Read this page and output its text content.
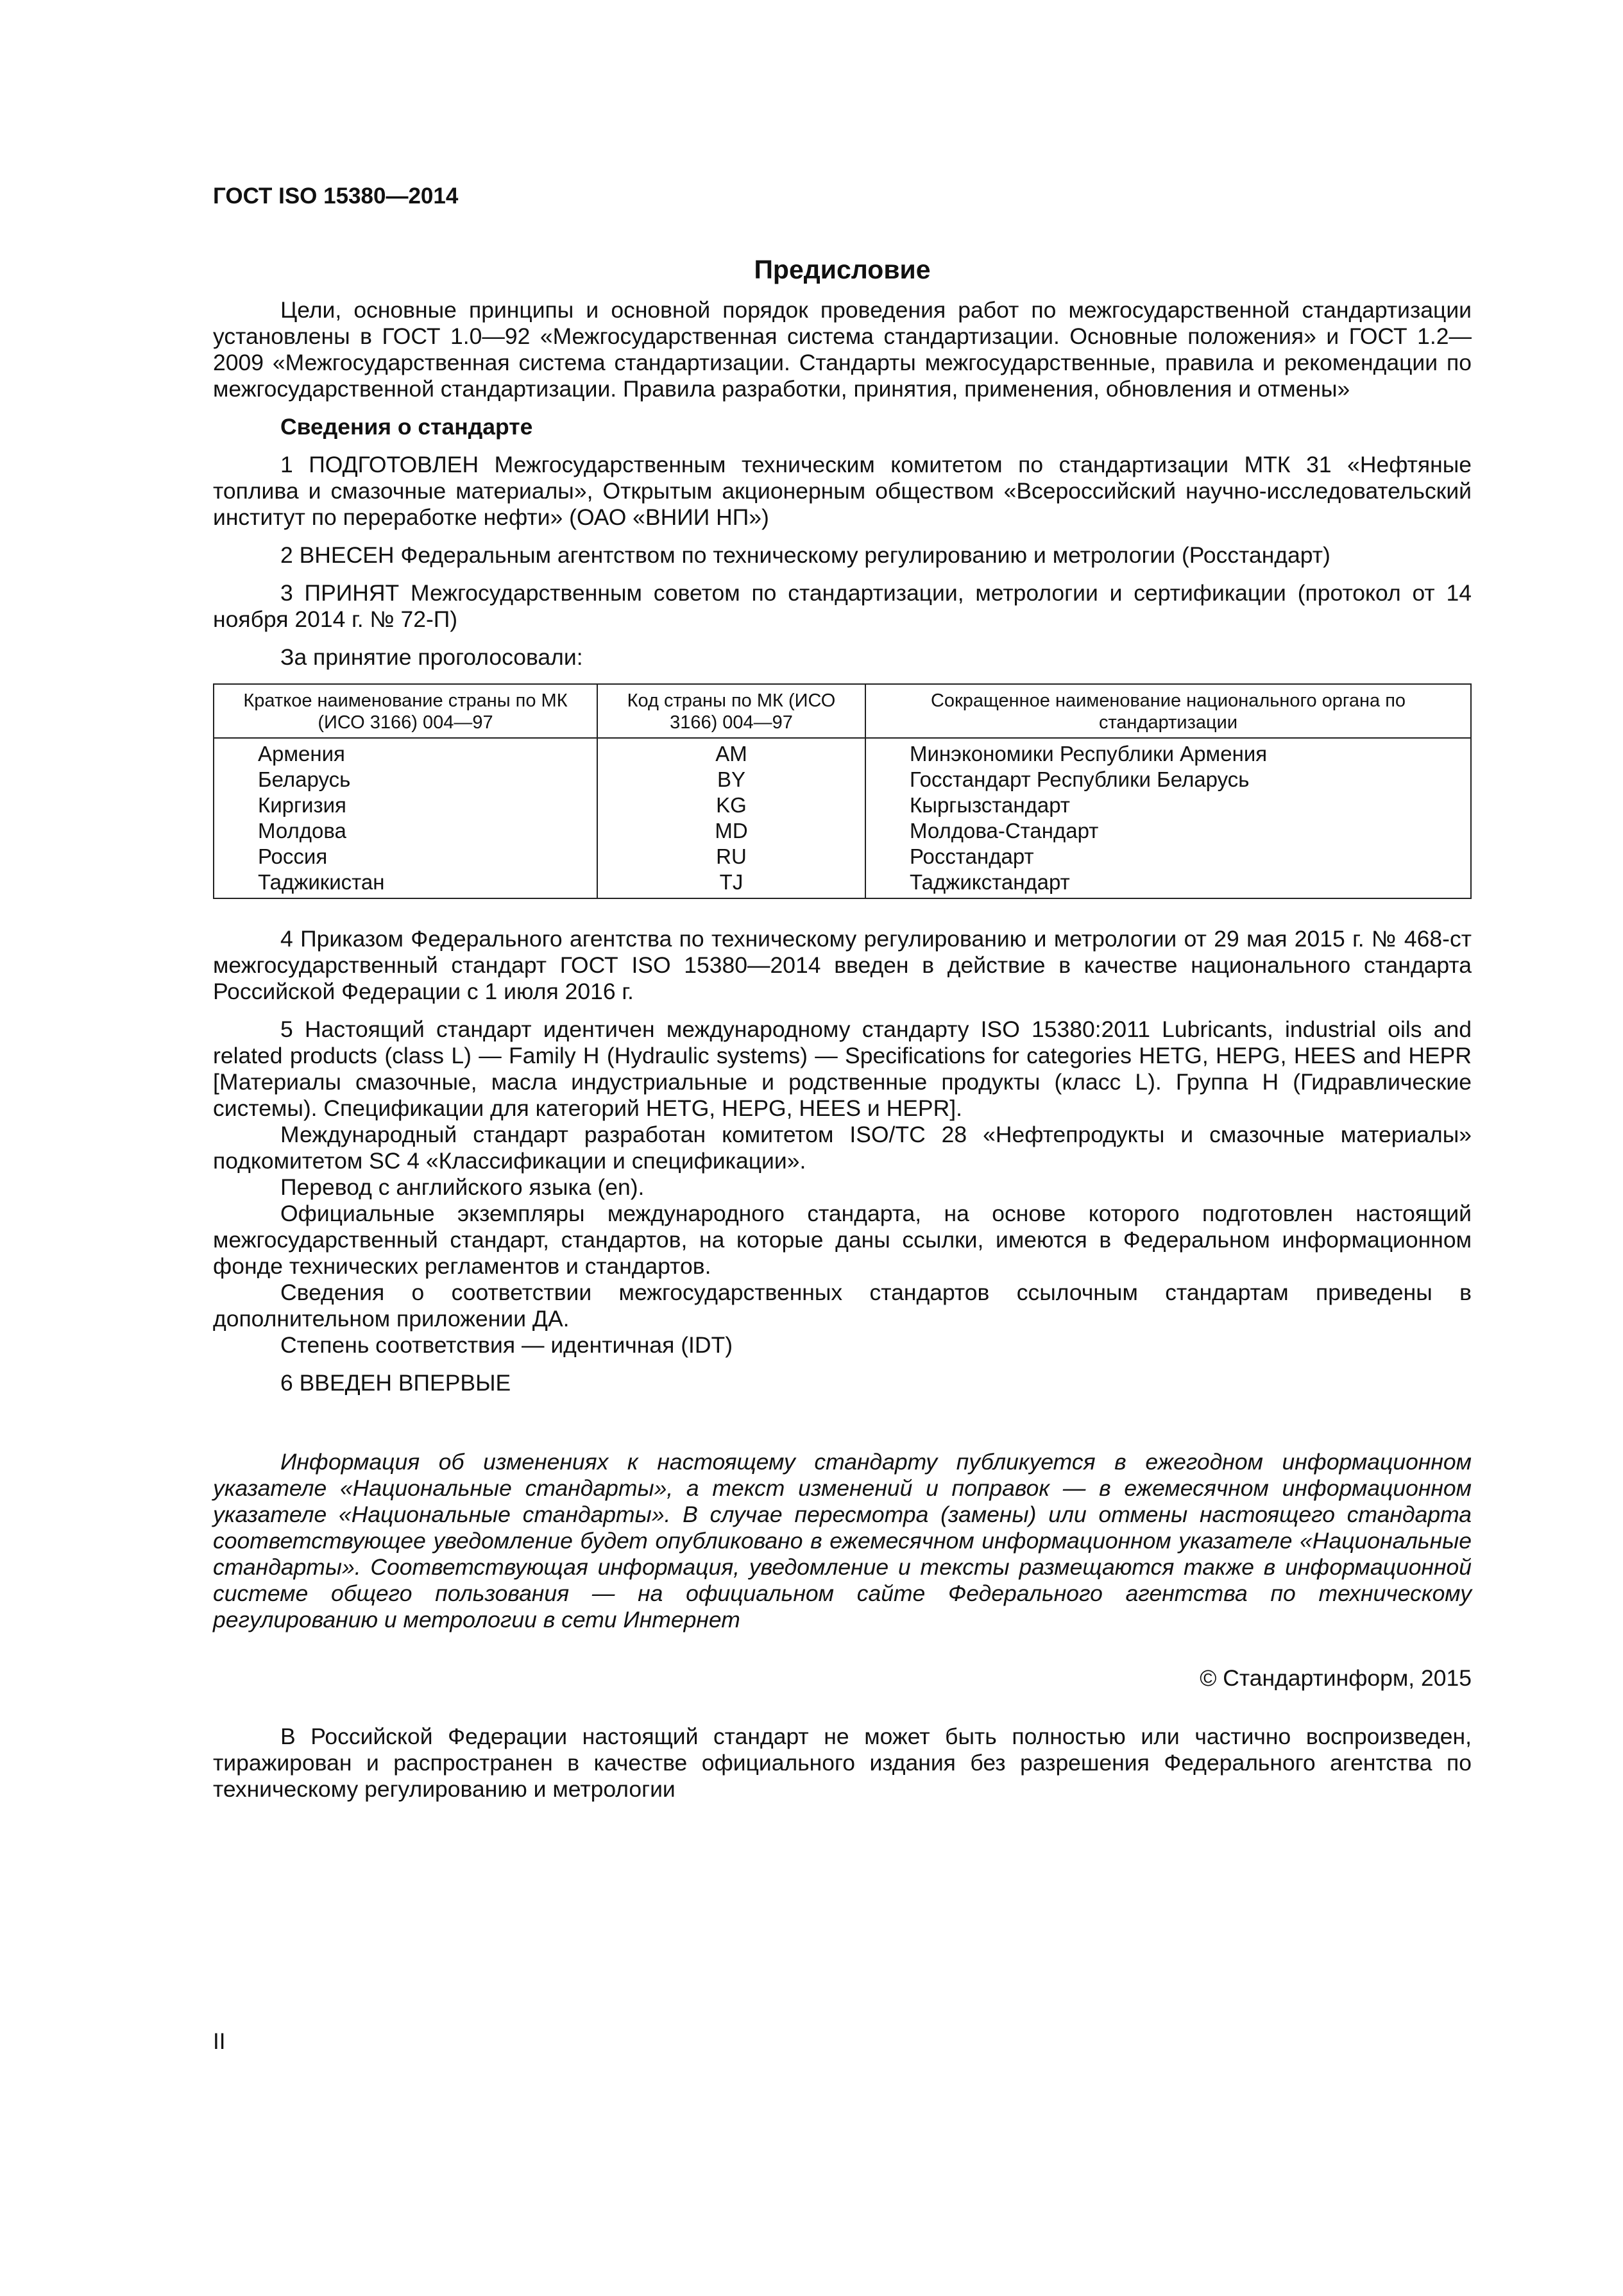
ГОСТ ISO 15380—2014
Предисловие

Цели, основные принципы и основной порядок проведения работ по межгосударственной стандартизации установлены в ГОСТ 1.0—92 «Межгосударственная система стандартизации. Основные положения» и ГОСТ 1.2—2009 «Межгосударственная система стандартизации. Стандарты межгосударственные, правила и рекомендации по межгосударственной стандартизации. Правила разработки, принятия, применения, обновления и отмены»

Сведения о стандарте

1 ПОДГОТОВЛЕН Межгосударственным техническим комитетом по стандартизации МТК 31 «Нефтяные топлива и смазочные материалы», Открытым акционерным обществом «Всероссийский научно-исследовательский институт по переработке нефти» (ОАО «ВНИИ НП»)

2 ВНЕСЕН Федеральным агентством по техническому регулированию и метрологии (Росстандарт)

3 ПРИНЯТ Межгосударственным советом по стандартизации, метрологии и сертификации (протокол от 14 ноября 2014 г. № 72-П)

За принятие проголосовали:

Краткое наименование страны по МК (ИСО 3166) 004—97	Код страны по МК (ИСО 3166) 004—97	Сокращенное наименование национального органа по стандартизации
Армения	AM	Минэкономики Республики Армения
Беларусь	BY	Госстандарт Республики Беларусь
Киргизия	KG	Кыргызстандарт
Молдова	MD	Молдова-Стандарт
Россия	RU	Росстандарт
Таджикистан	TJ	Таджикстандарт

4 Приказом Федерального агентства по техническому регулированию и метрологии от 29 мая 2015 г. № 468-ст межгосударственный стандарт ГОСТ ISO 15380—2014 введен в действие в качестве национального стандарта Российской Федерации с 1 июля 2016 г.

5 Настоящий стандарт идентичен международному стандарту ISO 15380:2011 Lubricants, industrial oils and related products (class L) — Family H (Hydraulic systems) — Specifications for categories HETG, HEPG, HEES and HEPR [Материалы смазочные, масла индустриальные и родственные продукты (класс L). Группа H (Гидравлические системы). Спецификации для категорий HETG, HEPG, HEES и HEPR].

Международный стандарт разработан комитетом ISO/TC 28 «Нефтепродукты и смазочные материалы» подкомитетом SC 4 «Классификации и спецификации».

Перевод с английского языка (en).

Официальные экземпляры международного стандарта, на основе которого подготовлен настоящий межгосударственный стандарт, стандартов, на которые даны ссылки, имеются в Федеральном информационном фонде технических регламентов и стандартов.

Сведения о соответствии межгосударственных стандартов ссылочным стандартам приведены в дополнительном приложении ДА.

Степень соответствия — идентичная (IDT)

6 ВВЕДЕН ВПЕРВЫЕ

Информация об изменениях к настоящему стандарту публикуется в ежегодном информационном указателе «Национальные стандарты», а текст изменений и поправок — в ежемесячном информационном указателе «Национальные стандарты». В случае пересмотра (замены) или отмены настоящего стандарта соответствующее уведомление будет опубликовано в ежемесячном информационном указателе «Национальные стандарты». Соответствующая информация, уведомление и тексты размещаются также в информационной системе общего пользования — на официальном сайте Федерального агентства по техническому регулированию и метрологии в сети Интернет

© Стандартинформ, 2015

В Российской Федерации настоящий стандарт не может быть полностью или частично воспроизведен, тиражирован и распространен в качестве официального издания без разрешения Федерального агентства по техническому регулированию и метрологии

II
